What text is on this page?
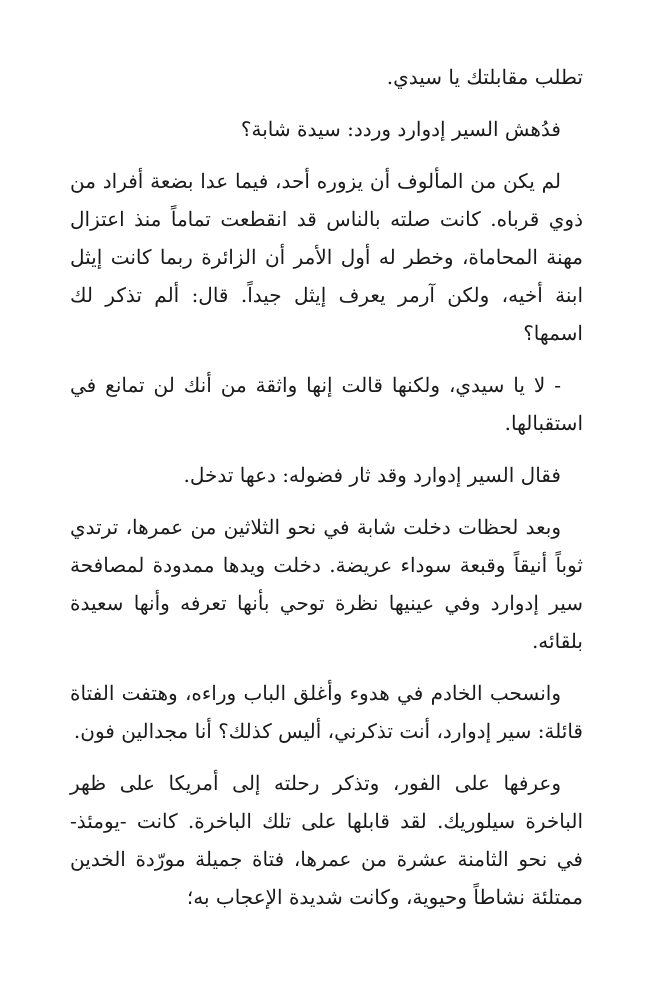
تطلب مقابلتك يا سيدي.

فدُهش السير إدوارد وردد: سيدة شابة؟

لم يكن من المألوف أن يزوره أحد، فيما عدا بضعة أفراد من ذوي قرباه. كانت صلته بالناس قد انقطعت تماماً منذ اعتزال مهنة المحاماة، وخطر له أول الأمر أن الزائرة ربما كانت إيثل ابنة أخيه، ولكن آرمر يعرف إيثل جيداً. قال: ألم تذكر لك اسمها؟

- لا يا سيدي، ولكنها قالت إنها واثقة من أنك لن تمانع في استقبالها.

فقال السير إدوارد وقد ثار فضوله: دعها تدخل.

وبعد لحظات دخلت شابة في نحو الثلاثين من عمرها، ترتدي ثوباً أنيقاً وقبعة سوداء عريضة. دخلت ويدها ممدودة لمصافحة سير إدوارد وفي عينيها نظرة توحي بأنها تعرفه وأنها سعيدة بلقائه.

وانسحب الخادم في هدوء وأغلق الباب وراءه، وهتفت الفتاة قائلة: سير إدوارد، أنت تذكرني، أليس كذلك؟ أنا مجدالين فون.

وعرفها على الفور، وتذكر رحلته إلى أمريكا على ظهر الباخرة سيلوريك. لقد قابلها على تلك الباخرة. كانت -يومئذ- في نحو الثامنة عشرة من عمرها، فتاة جميلة مورّدة الخدين ممتلئة نشاطاً وحيوية، وكانت شديدة الإعجاب به؛
